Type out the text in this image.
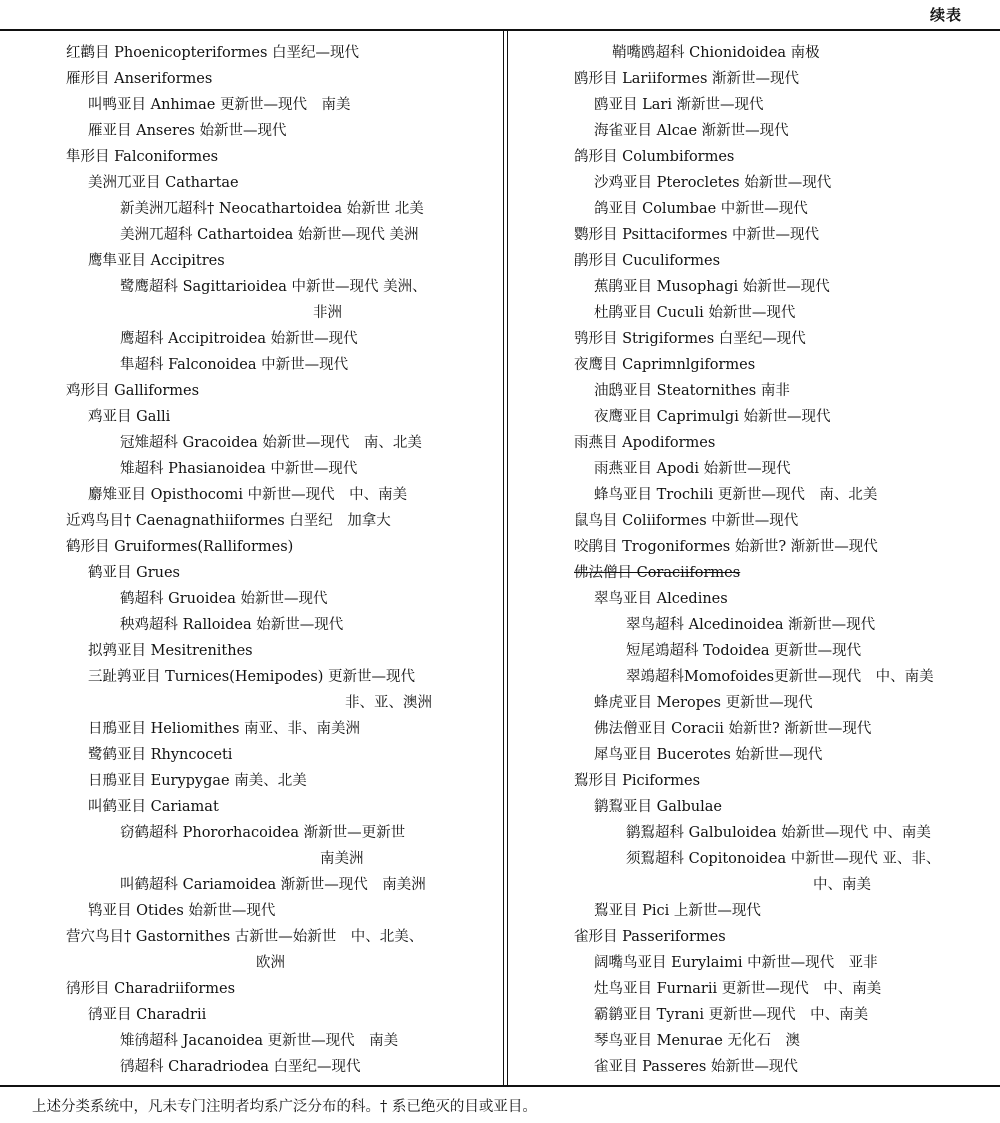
续表
红鹳目 Phoenicopteriformes 白垩纪—现代
雁形目 Anseriformes
叫鸭亚目 Anhimae 更新世—现代　南美
雁亚目 Anseres 始新世—现代
隼形目 Falconiformes
美洲兀亚目 Cathartae
新美洲兀超科† Neocathartoidea 始新世 北美
美洲兀超科 Cathartoidea 始新世—现代 美洲
鹰隼亚目 Accipitres
鹭鹰超科 Sagittarioidea 中新世—现代 美洲、
非洲
鹰超科 Accipitroidea 始新世—现代
隼超科 Falconoidea 中新世—现代
鸡形目 Galliformes
鸡亚目 Galli
冠雉超科 Gracoidea 始新世—现代　南、北美
雉超科 Phasianoidea 中新世—现代
麝雉亚目 Opisthocomi 中新世—现代　中、南美
近鸡鸟目† Caenagnathiiformes 白垩纪　加拿大
鹤形目 Gruiformes(Ralliformes)
鹤亚目 Grues
鹤超科 Gruoidea 始新世—现代
秧鸡超科 Ralloidea 始新世—现代
拟鹑亚目 Mesitrenithes
三趾鹑亚目 Turnices(Hemipodes) 更新世—现代
非、亚、澳洲
日鳽亚目 Heliomithes 南亚、非、南美洲
鹭鹤亚目 Rhyncoceti
日鳽亚目 Eurypygae 南美、北美
叫鹤亚目 Cariamat
窃鹤超科 Phororhacoidea 渐新世—更新世
南美洲
叫鹤超科 Cariamoidea 渐新世—现代　南美洲
鸨亚目 Otides 始新世—现代
营穴鸟目† Gastornithes 古新世—始新世　中、北美、
欧洲
鸻形目 Charadriiformes
鸻亚目 Charadrii
雉鸻超科 Jacanoidea 更新世—现代　南美
鸻超科 Charadriodea 白垩纪—现代
鞘嘴鸥超科 Chionidoidea 南极
鸥形目 Lariiformes 渐新世—现代
鸥亚目 Lari 渐新世—现代
海雀亚目 Alcae 渐新世—现代
鸽形目 Columbiformes
沙鸡亚目 Pterocletes 始新世—现代
鸽亚目 Columbae 中新世—现代
鹦形目 Psittaciformes 中新世—现代
鹃形目 Cuculiformes
蕉鹃亚目 Musophagi 始新世—现代
杜鹃亚目 Cuculi 始新世—现代
鸮形目 Strigiformes 白垩纪—现代
夜鹰目 Caprimnlgiformes
油鸱亚目 Steatornithes 南非
夜鹰亚目 Caprimulgi 始新世—现代
雨燕目 Apodiformes
雨燕亚目 Apodi 始新世—现代
蜂鸟亚目 Trochili 更新世—现代　南、北美
鼠鸟目 Coliiformes 中新世—现代
咬鹃目 Trogoniformes 始新世? 渐新世—现代
佛法僧目 Coraciiformes
翠鸟亚目 Alcedines
翠鸟超科 Alcedinoidea 渐新世—现代
短尾鴗超科 Todoidea 更新世—现代
翠鴗超科Momofoides更新世—现代　中、南美
蜂虎亚目 Meropes 更新世—现代
佛法僧亚目 Coracii 始新世? 渐新世—现代
犀鸟亚目 Bucerotes 始新世—现代
鴷形目 Piciformes
鹟鴷亚目 Galbulae
鹟鴷超科 Galbuloidea 始新世—现代 中、南美
须鴷超科 Copitonoidea 中新世—现代 亚、非、
中、南美
鴷亚目 Pici 上新世—现代
雀形目 Passeriformes
阔嘴鸟亚目 Eurylaimi 中新世—现代　亚非
灶鸟亚目 Furnarii 更新世—现代　中、南美
霸鹟亚目 Tyrani 更新世—现代　中、南美
琴鸟亚目 Menurae 无化石　澳
雀亚目 Passeres 始新世—现代
上述分类系统中，凡未专门注明者均系广泛分布的科。† 系已绝灭的目或亚目。
